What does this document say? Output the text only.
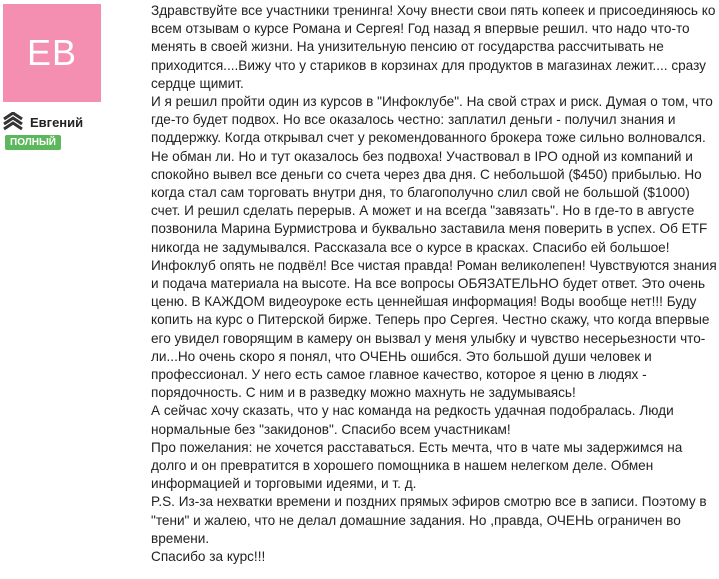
EB
Евгений
ПОЛНЫЙ

Здравствуйте все участники тренинга! Хочу внести свои пять копеек и присоединяюсь ко всем отзывам о курсе Романа и Сергея! Год назад я впервые решил. что надо что-то менять в своей жизни. На унизительную пенсию от государства рассчитывать не приходится....Вижу что у стариков в корзинах для продуктов в магазинах лежит.... сразу сердце щимит.

И я решил пройти один из курсов в "Инфоклубе". На свой страх и риск. Думая о том, что где-то будет подвох. Но все оказалось честно: заплатил деньги - получил знания и поддержку. Когда открывал счет у рекомендованного брокера тоже сильно волновался. Не обман ли. Но и тут оказалось без подвоха! Участвовал в IPO одной из компаний и спокойно вывел все деньги со счета через два дня. С небольшой ($450) прибылью. Но когда стал сам торговать внутри дня, то благополучно слил свой не большой ($1000) счет. И решил сделать перерыв. А может и на всегда "завязать". Но в где-то в августе позвонила Марина Бурмистрова и буквально заставила меня поверить в успех. Об ETF никогда не задумывался. Рассказала все о курсе в красках. Спасибо ей большое! Инфоклуб опять не подвёл! Все чистая правда! Роман великолепен! Чувствуются знания и подача материала на высоте. На все вопросы ОБЯЗАТЕЛЬНО будет ответ. Это очень ценю. В КАЖДОМ видеоуроке есть ценнейшая информация! Воды вообще нет!!! Буду копить на курс о Питерской бирже. Теперь про Сергея. Честно скажу, что когда впервые его увидел говорящим в камеру он вызвал у меня улыбку и чувство несерьезности что-ли...Но очень скоро я понял, что ОЧЕНЬ ошибся. Это большой души человек и профессионал. У него есть самое главное качество, которое я ценю в людях - порядочность. С ним и в разведку можно махнуть не задумываясь!

А сейчас хочу сказать, что у нас команда на редкость удачная подобралась. Люди нормальные без "закидонов". Спасибо всем участникам!

Про пожелания: не хочется расставаться. Есть мечта, что в чате мы задержимся на долго и он превратится в хорошего помощника в нашем нелегком деле. Обмен информацией и торговыми идеями, и т. д.

P.S. Из-за нехватки времени и поздних прямых эфиров смотрю все в записи. Поэтому в "тени" и жалею, что не делал домашние задания. Но ,правда, ОЧЕНЬ ограничен во времени.

Спасибо за курс!!!
